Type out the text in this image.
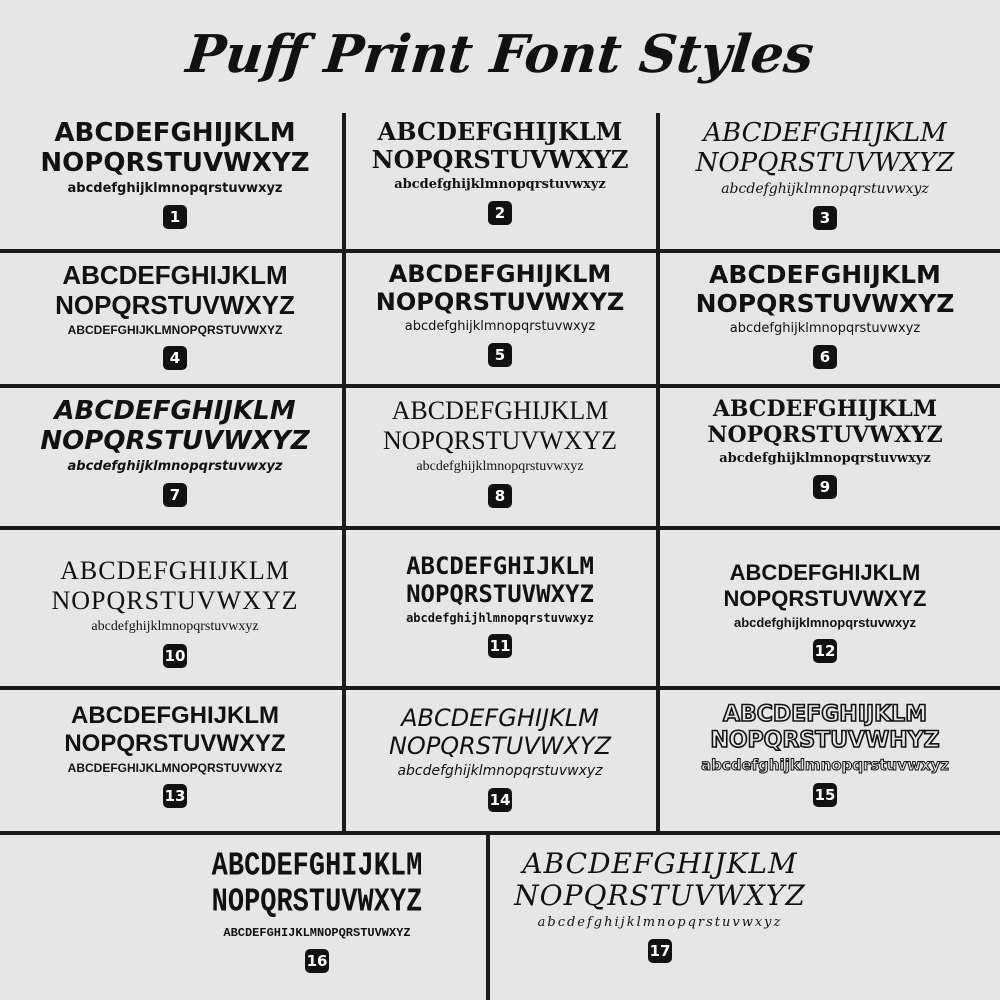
Puff Print Font Styles
ABCDEFGHIJKLM
NOPQRSTUVWXYZ
abcdefghijklmnopqrstuvwxyz
1
ABCDEFGHIJKLM
NOPQRSTUVWXYZ
abcdefghijklmnopqrstuvwxyz
2
ABCDEFGHIJKLM
NOPQRSTUVWXYZ
abcdefghijklmnopqrstuvwxyz
3
ABCDEFGHIJKLM
NOPQRSTUVWXYZ
ABCDEFGHIJKLMNOPQRSTUVWXYZ
4
ABCDEFGHIJKLM
NOPQRSTUVWXYZ
abcdefghijklmnopqrstuvwxyz
5
ABCDEFGHIJKLM
NOPQRSTUVWXYZ
abcdefghijklmnopqrstuvwxyz
6
ABCDEFGHIJKLM
NOPQRSTUVWXYZ
abcdefghijklmnopqrstuvwxyz
7
ABCDEFGHIJKLM
NOPQRSTUVWXYZ
abcdefghijklmnopqrstuvwxyz
8
ABCDEFGHIJKLM
NOPQRSTUVWXYZ
abcdefghijklmnopqrstuvwxyz
9
ABCDEFGHIJKLM
NOPQRSTUVWXYZ
abcdefghijklmnopqrstuvwxyz
10
ABCDEFGHIJKLM
NOPQRSTUVWXYZ
abcdefghijhlmnopqrstuvwxyz
11
ABCDEFGHIJKLM
NOPQRSTUVWXYZ
abcdefghijklmnopqrstuvwxyz
12
ABCDEFGHIJKLM
NOPQRSTUVWXYZ
ABCDEFGHIJKLMNOPQRSTUVWXYZ
13
ABCDEFGHIJKLM
NOPQRSTUVWXYZ
abcdefghijklmnopqrstuvwxyz
14
ABCDEFGHIJKLM
NOPQRSTUVWHYZ
abcdefghijklmnopqrstuvwxyz
15
ABCDEFGHIJKLM
NOPQRSTUVWXYZ
ABCDEFGHIJKLMNOPQRSTUVWXYZ
16
ABCDEFGHIJKLM
NOPQRSTUVWXYZ
abcdefghijklmnopqrstuvwxyz
17
